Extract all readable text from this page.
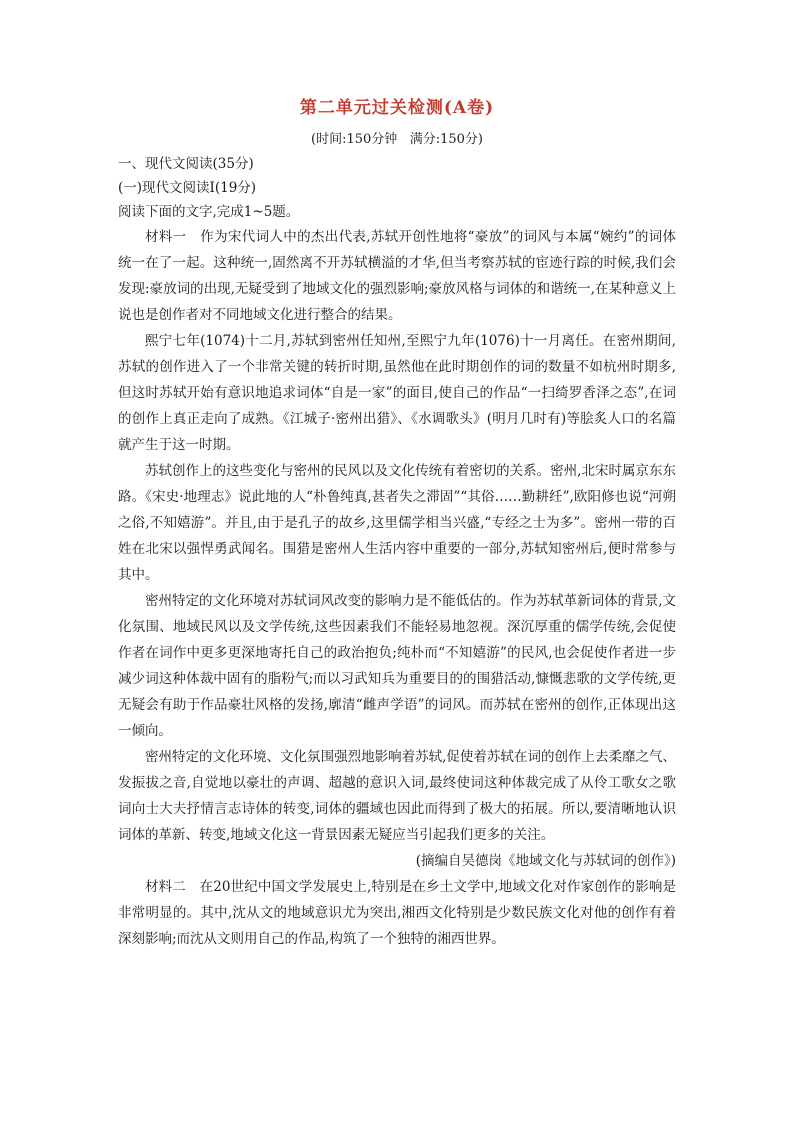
第二单元过关检测(A卷)
(时间:150分钟   满分:150分)
一、现代文阅读(35分)
(一)现代文阅读Ⅰ(19分)
阅读下面的文字,完成1~5题。

材料一　作为宋代词人中的杰出代表,苏轼开创性地将“豪放”的词风与本属“婉约”的词体统一在了一起。这种统一,固然离不开苏轼横溢的才华,但当考察苏轼的宦迹行踪的时候,我们会发现:豪放词的出现,无疑受到了地域文化的强烈影响;豪放风格与词体的和谐统一,在某种意义上说也是创作者对不同地域文化进行整合的结果。

熙宁七年(1074)十二月,苏轼到密州任知州,至熙宁九年(1076)十一月离任。在密州期间,苏轼的创作进入了一个非常关键的转折时期,虽然他在此时期创作的词的数量不如杭州时期多,但这时苏轼开始有意识地追求词体“自是一家”的面目,使自己的作品“一扫绮罗香泽之态”,在词的创作上真正走向了成熟。《江城子·密州出猎》、《水调歌头》(明月几时有)等脍炙人口的名篇就产生于这一时期。

苏轼创作上的这些变化与密州的民风以及文化传统有着密切的关系。密州,北宋时属京东东路。《宋史·地理志》说此地的人“朴鲁纯真,甚者失之滞固”“其俗……勤耕纴”,欧阳修也说“河朔之俗,不知嬉游”。并且,由于是孔子的故乡,这里儒学相当兴盛,“专经之士为多”。密州一带的百姓在北宋以强悍勇武闻名。围猎是密州人生活内容中重要的一部分,苏轼知密州后,便时常参与其中。

密州特定的文化环境对苏轼词风改变的影响力是不能低估的。作为苏轼革新词体的背景,文化氛围、地域民风以及文学传统,这些因素我们不能轻易地忽视。深沉厚重的儒学传统,会促使作者在词作中更多更深地寄托自己的政治抱负;纯朴而“不知嬉游”的民风,也会促使作者进一步减少词这种体裁中固有的脂粉气;而以习武知兵为重要目的的围猎活动,慷慨悲歌的文学传统,更无疑会有助于作品豪壮风格的发扬,廓清“雌声学语”的词风。而苏轼在密州的创作,正体现出这一倾向。

密州特定的文化环境、文化氛围强烈地影响着苏轼,促使着苏轼在词的创作上去柔靡之气、发振拔之音,自觉地以豪壮的声调、超越的意识入词,最终使词这种体裁完成了从伶工歌女之歌词向士大夫抒情言志诗体的转变,词体的疆域也因此而得到了极大的拓展。所以,要清晰地认识词体的革新、转变,地域文化这一背景因素无疑应当引起我们更多的关注。

(摘编自吴德岗《地域文化与苏轼词的创作》)

材料二　在20世纪中国文学发展史上,特别是在乡土文学中,地域文化对作家创作的影响是非常明显的。其中,沈从文的地域意识尤为突出,湘西文化特别是少数民族文化对他的创作有着深刻影响;而沈从文则用自己的作品,构筑了一个独特的湘西世界。
